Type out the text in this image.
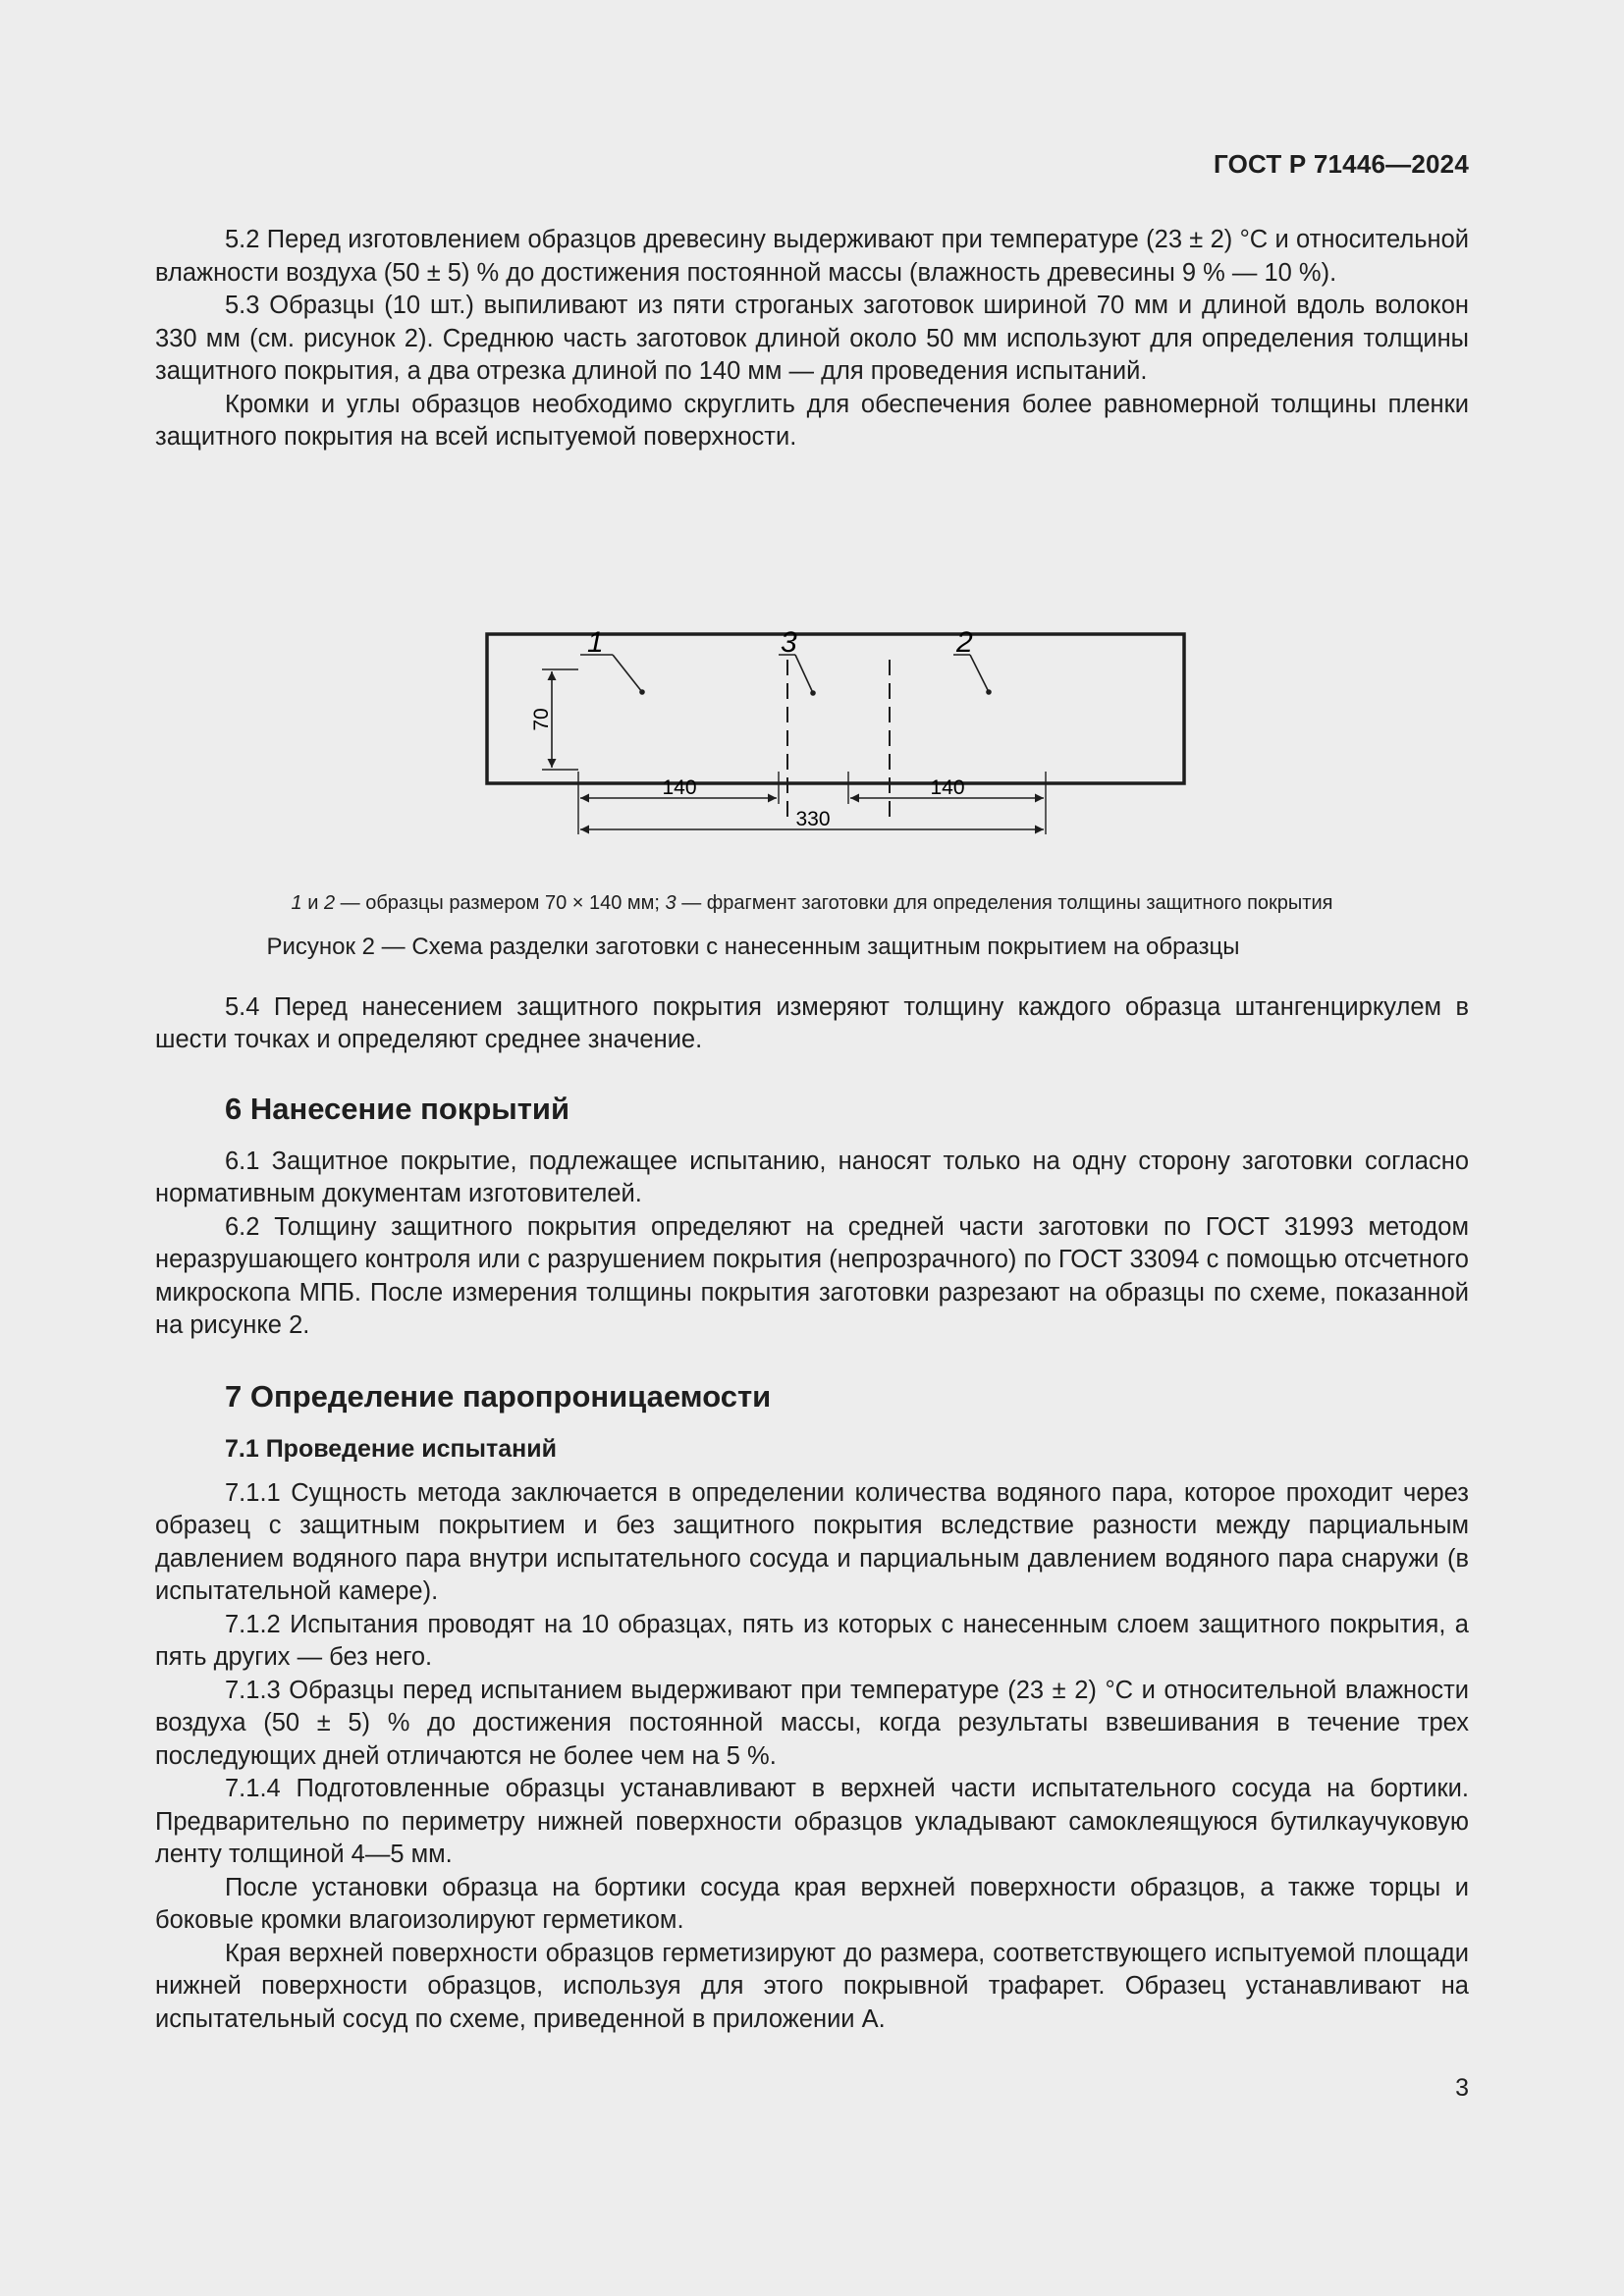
ГОСТ Р 71446—2024

5.2 Перед изготовлением образцов древесину выдерживают при температуре (23 ± 2) °C и относительной влажности воздуха (50 ± 5) % до достижения постоянной массы (влажность древесины 9 % — 10 %).

5.3 Образцы (10 шт.) выпиливают из пяти строганых заготовок шириной 70 мм и длиной вдоль волокон 330 мм (см. рисунок 2). Среднюю часть заготовок длиной около 50 мм используют для определения толщины защитного покрытия, а два отрезка длиной по 140 мм — для проведения испытаний.

Кромки и углы образцов необходимо скруглить для обеспечения более равномерной толщины пленки защитного покрытия на всей испытуемой поверхности.

1	3	2
70
140	140
330
1 и 2 — образцы размером 70 × 140 мм; 3 — фрагмент заготовки для определения толщины защитного покрытия
Рисунок 2 — Схема разделки заготовки с нанесенным защитным покрытием на образцы

5.4 Перед нанесением защитного покрытия измеряют толщину каждого образца штангенциркулем в шести точках и определяют среднее значение.

6 Нанесение покрытий

6.1 Защитное покрытие, подлежащее испытанию, наносят только на одну сторону заготовки согласно нормативным документам изготовителей.

6.2 Толщину защитного покрытия определяют на средней части заготовки по ГОСТ 31993 методом неразрушающего контроля или с разрушением покрытия (непрозрачного) по ГОСТ 33094 с помощью отсчетного микроскопа МПБ. После измерения толщины покрытия заготовки разрезают на образцы по схеме, показанной на рисунке 2.

7 Определение паропроницаемости
7.1 Проведение испытаний

7.1.1 Сущность метода заключается в определении количества водяного пара, которое проходит через образец с защитным покрытием и без защитного покрытия вследствие разности между парциальным давлением водяного пара внутри испытательного сосуда и парциальным давлением водяного пара снаружи (в испытательной камере).

7.1.2 Испытания проводят на 10 образцах, пять из которых с нанесенным слоем защитного покрытия, а пять других — без него.

7.1.3 Образцы перед испытанием выдерживают при температуре (23 ± 2) °C и относительной влажности воздуха (50 ± 5) % до достижения постоянной массы, когда результаты взвешивания в течение трех последующих дней отличаются не более чем на 5 %.

7.1.4 Подготовленные образцы устанавливают в верхней части испытательного сосуда на бортики. Предварительно по периметру нижней поверхности образцов укладывают самоклеящуюся бутилкаучуковую ленту толщиной 4—5 мм.

После установки образца на бортики сосуда края верхней поверхности образцов, а также торцы и боковые кромки влагоизолируют герметиком.

Края верхней поверхности образцов герметизируют до размера, соответствующего испытуемой площади нижней поверхности образцов, используя для этого покрывной трафарет. Образец устанавливают на испытательный сосуд по схеме, приведенной в приложении А.

3
